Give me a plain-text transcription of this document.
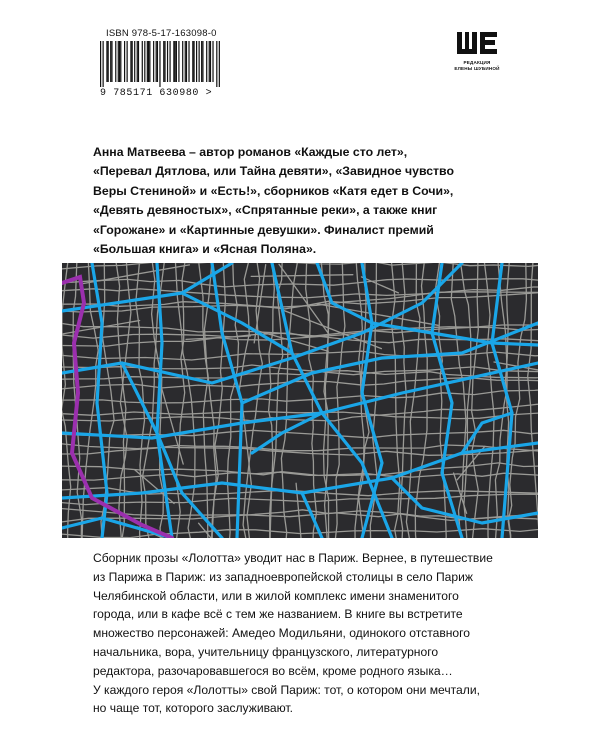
ISBN 978-5-17-163098-0
9 785171 630980 >
РЕДАКЦИЯ
ЕЛЕНЫ ШУБИНОЙ

Анна Матвеева – автор романов «Каждые сто лет»,
«Перевал Дятлова, или Тайна девяти», «Завидное чувство
Веры Стениной» и «Есть!», сборников «Катя едет в Сочи»,
«Девять девяностых», «Спрятанные реки», а также книг
«Горожане» и «Картинные девушки». Финалист премий
«Большая книга» и «Ясная Поляна».

Сборник прозы «Лолотта» уводит нас в Париж. Вернее, в путешествие
из Парижа в Париж: из западноевропейской столицы в село Париж
Челябинской области, или в жилой комплекс имени знаменитого
города, или в кафе всё с тем же названием. В книге вы встретите
множество персонажей: Амедео Модильяни, одинокого отставного
начальника, вора, учительницу французского, литературного
редактора, разочаровавшегося во всём, кроме родного языка…
У каждого героя «Лолотты» свой Париж: тот, о котором они мечтали,
но чаще тот, которого заслуживают.
